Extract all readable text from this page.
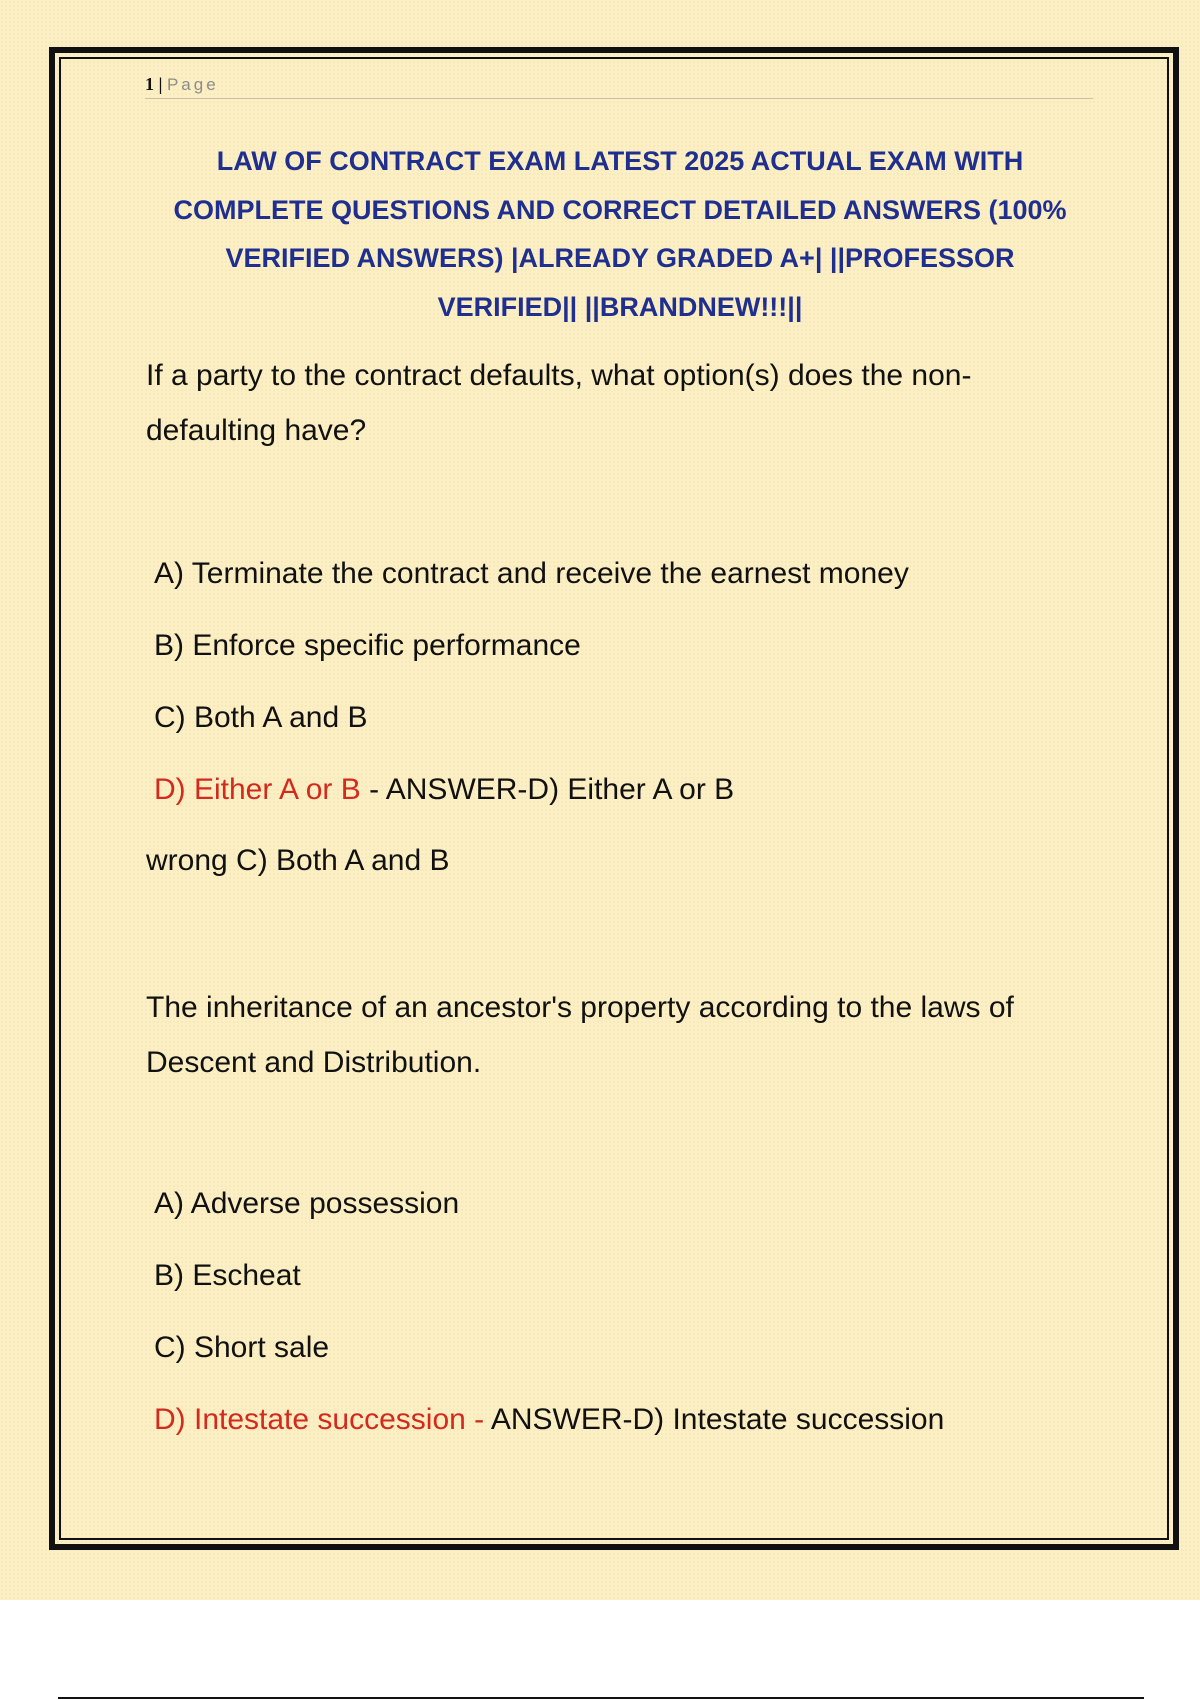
1 | Page
LAW OF CONTRACT EXAM LATEST 2025 ACTUAL EXAM WITH
COMPLETE QUESTIONS AND CORRECT DETAILED ANSWERS (100%
VERIFIED ANSWERS) |ALREADY GRADED A+| ||PROFESSOR
VERIFIED|| ||BRANDNEW!!!||
If a party to the contract defaults, what option(s) does the non-
defaulting have?
A) Terminate the contract and receive the earnest money
B) Enforce specific performance
C) Both A and B
D) Either A or B - ANSWER-D) Either A or B
wrong C) Both A and B
The inheritance of an ancestor's property according to the laws of
Descent and Distribution.
A) Adverse possession
B) Escheat
C) Short sale
D) Intestate succession - ANSWER-D) Intestate succession
